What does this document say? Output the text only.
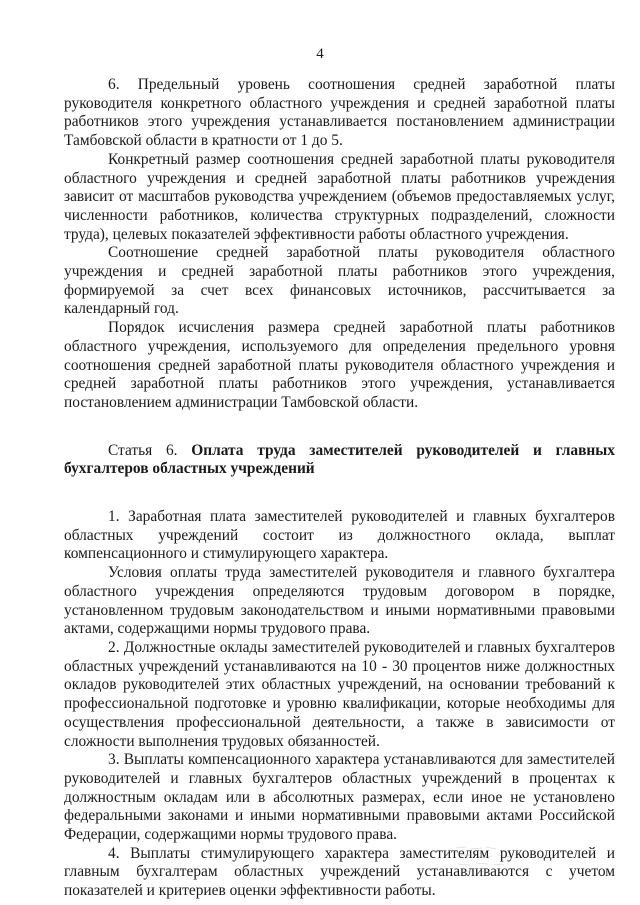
4

6. Предельный уровень соотношения средней заработной платы руководителя конкретного областного учреждения и средней заработной платы работников этого учреждения устанавливается постановлением администрации Тамбовской области в кратности от 1 до 5.

Конкретный размер соотношения средней заработной платы руководителя областного учреждения и средней заработной платы работников учреждения зависит от масштабов руководства учреждением (объемов предоставляемых услуг, численности работников, количества структурных подразделений, сложности труда), целевых показателей эффективности работы областного учреждения.

Соотношение средней заработной платы руководителя областного учреждения и средней заработной платы работников этого учреждения, формируемой за счет всех финансовых источников, рассчитывается за календарный год.

Порядок исчисления размера средней заработной платы работников областного учреждения, используемого для определения предельного уровня соотношения средней заработной платы руководителя областного учреждения и средней заработной платы работников этого учреждения, устанавливается постановлением администрации Тамбовской области.

Статья 6. Оплата труда заместителей руководителей и главных бухгалтеров областных учреждений

1. Заработная плата заместителей руководителей и главных бухгалтеров областных учреждений состоит из должностного оклада, выплат компенсационного и стимулирующего характера.

Условия оплаты труда заместителей руководителя и главного бухгалтера областного учреждения определяются трудовым договором в порядке, установленном трудовым законодательством и иными нормативными правовыми актами, содержащими нормы трудового права.

2. Должностные оклады заместителей руководителей и главных бухгалтеров областных учреждений устанавливаются на 10 - 30 процентов ниже должностных окладов руководителей этих областных учреждений, на основании требований к профессиональной подготовке и уровню квалификации, которые необходимы для осуществления профессиональной деятельности, а также в зависимости от сложности выполнения трудовых обязанностей.

3. Выплаты компенсационного характера устанавливаются для заместителей руководителей и главных бухгалтеров областных учреждений в процентах к должностным окладам или в абсолютных размерах, если иное не установлено федеральными законами и иными нормативными правовыми актами Российской Федерации, содержащими нормы трудового права.

4. Выплаты стимулирующего характера заместителям руководителей и главным бухгалтерам областных учреждений устанавливаются с учетом показателей и критериев оценки эффективности работы.
